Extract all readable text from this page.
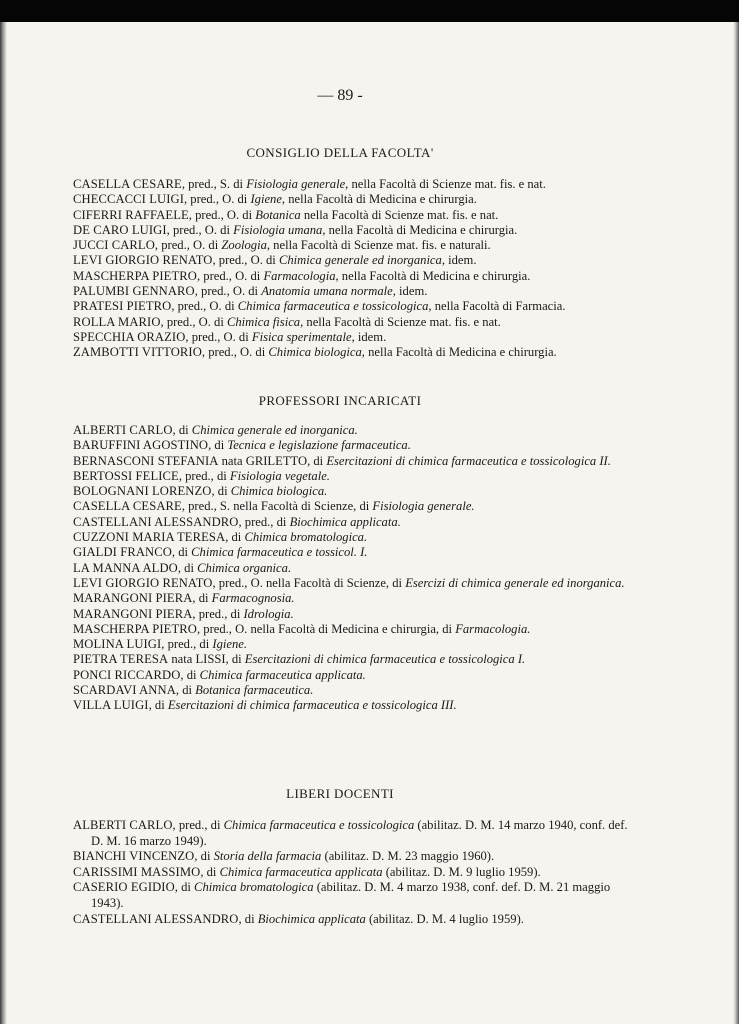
— 89 -
CONSIGLIO DELLA FACOLTA'
CASELLA CESARE, pred., S. di Fisiologia generale, nella Facoltà di Scienze mat. fis. e nat.
CHECCACCI LUIGI, pred., O. di Igiene, nella Facoltà di Medicina e chirurgia.
CIFERRI RAFFAELE, pred., O. di Botanica nella Facoltà di Scienze mat. fis. e nat.
DE CARO LUIGI, pred., O. di Fisiologia umana, nella Facoltà di Medicina e chirurgia.
JUCCI CARLO, pred., O. di Zoologia, nella Facoltà di Scienze mat. fis. e naturali.
LEVI GIORGIO RENATO, pred., O. di Chimica generale ed inorganica, idem.
MASCHERPA PIETRO, pred., O. di Farmacologia, nella Facoltà di Medicina e chirurgia.
PALUMBI GENNARO, pred., O. di Anatomia umana normale, idem.
PRATESI PIETRO, pred., O. di Chimica farmaceutica e tossicologica, nella Facoltà di Farmacia.
ROLLA MARIO, pred., O. di Chimica fisica, nella Facoltà di Scienze mat. fis. e nat.
SPECCHIA ORAZIO, pred., O. di Fisica sperimentale, idem.
ZAMBOTTI VITTORIO, pred., O. di Chimica biologica, nella Facoltà di Medicina e chirurgia.
PROFESSORI INCARICATI
ALBERTI CARLO, di Chimica generale ed inorganica.
BARUFFINI AGOSTINO, di Tecnica e legislazione farmaceutica.
BERNASCONI STEFANIA nata GRILETTO, di Esercitazioni di chimica farmaceutica e tossicologica II.
BERTOSSI FELICE, pred., di Fisiologia vegetale.
BOLOGNANI LORENZO, di Chimica biologica.
CASELLA CESARE, pred., S. nella Facoltà di Scienze, di Fisiologia generale.
CASTELLANI ALESSANDRO, pred., di Biochimica applicata.
CUZZONI MARIA TERESA, di Chimica bromatologica.
GIALDI FRANCO, di Chimica farmaceutica e tossicol. I.
LA MANNA ALDO, di Chimica organica.
LEVI GIORGIO RENATO, pred., O. nella Facoltà di Scienze, di Esercizi di chimica generale ed inorganica.
MARANGONI PIERA, di Farmacognosia.
MARANGONI PIERA, pred., di Idrologia.
MASCHERPA PIETRO, pred., O. nella Facoltà di Medicina e chirurgia, di Farmacologia.
MOLINA LUIGI, pred., di Igiene.
PIETRA TERESA nata LISSI, di Esercitazioni di chimica farmaceutica e tossicologica I.
PONCI RICCARDO, di Chimica farmaceutica applicata.
SCARDAVI ANNA, di Botanica farmaceutica.
VILLA LUIGI, di Esercitazioni di chimica farmaceutica e tossicologica III.
LIBERI DOCENTI
ALBERTI CARLO, pred., di Chimica farmaceutica e tossicologica (abilitaz. D. M. 14 marzo 1940, conf. def. D. M. 16 marzo 1949).
BIANCHI VINCENZO, di Storia della farmacia (abilitaz. D. M. 23 maggio 1960).
CARISSIMI MASSIMO, di Chimica farmaceutica applicata (abilitaz. D. M. 9 luglio 1959).
CASERIO EGIDIO, di Chimica bromatologica (abilitaz. D. M. 4 marzo 1938, conf. def. D. M. 21 maggio 1943).
CASTELLANI ALESSANDRO, di Biochimica applicata (abilitaz. D. M. 4 luglio 1959).
